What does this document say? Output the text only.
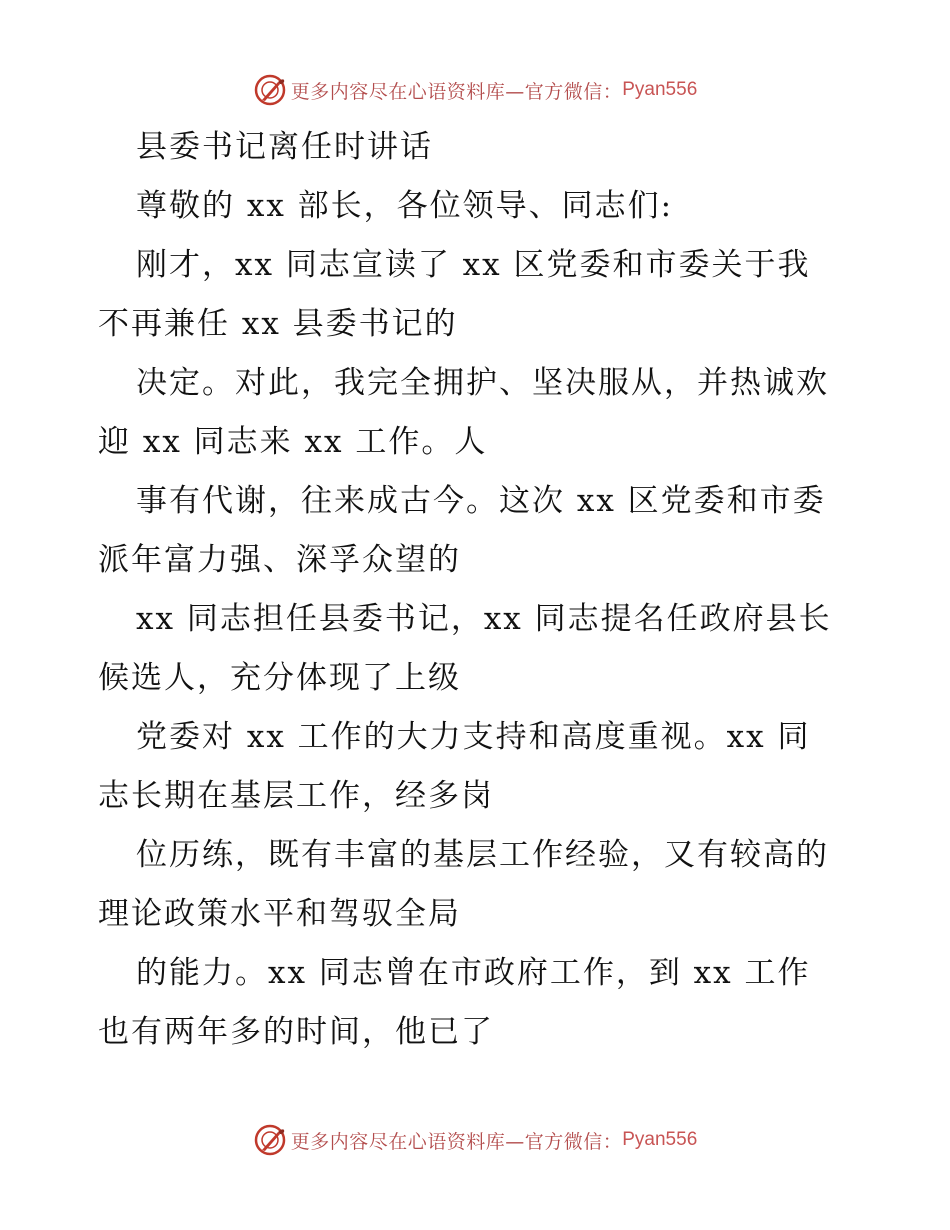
更多内容尽在心语资料库—官方微信： Pyan556
县委书记离任时讲话
尊敬的 xx 部长，各位领导、同志们:
刚才，xx 同志宣读了 xx 区党委和市委关于我
不再兼任 xx 县委书记的
决定。对此，我完全拥护、坚决服从，并热诚欢
迎 xx 同志来 xx 工作。人
事有代谢，往来成古今。这次 xx 区党委和市委
派年富力强、深孚众望的
xx 同志担任县委书记，xx 同志提名任政府县长
候选人，充分体现了上级
党委对 xx 工作的大力支持和高度重视。xx 同
志长期在基层工作，经多岗
位历练，既有丰富的基层工作经验，又有较高的
理论政策水平和驾驭全局
的能力。xx 同志曾在市政府工作，到 xx 工作
也有两年多的时间，他已了
更多内容尽在心语资料库—官方微信： Pyan556
